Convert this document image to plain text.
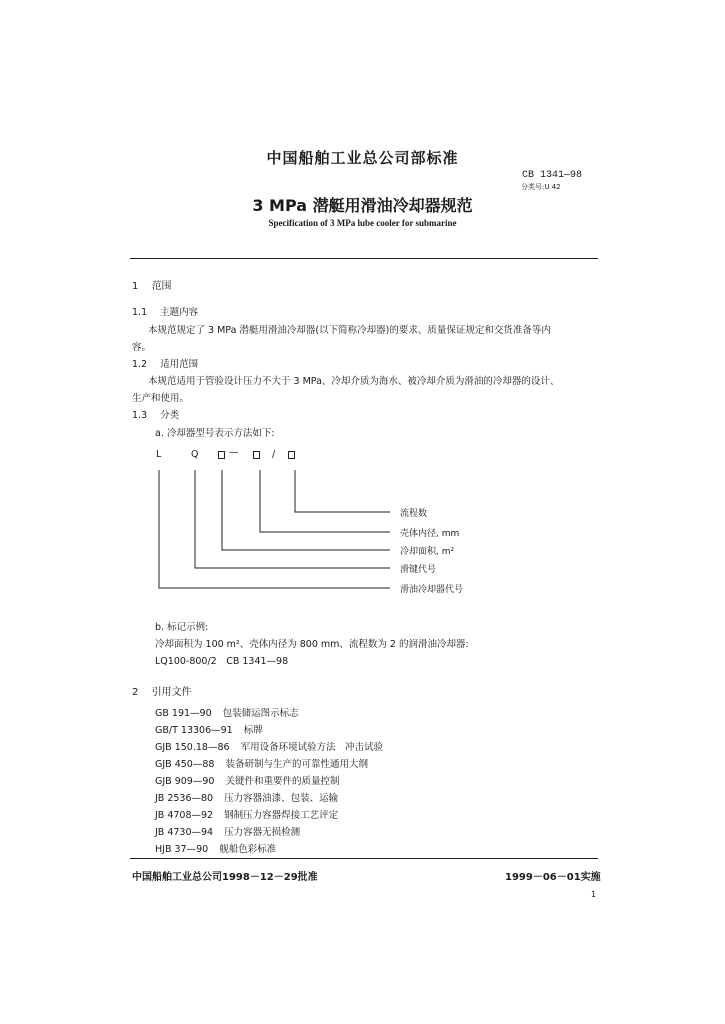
中国船舶工业总公司部标准
CB 1341—98
分类号:U 42
3 MPa 潜艇用滑油冷却器规范
Specification of 3 MPa lube cooler for submarine
1 范围
1.1 主题内容
本规范规定了 3 MPa 潜艇用滑油冷却器(以下简称冷却器)的要求、质量保证规定和交货准备等内
容。
1.2 适用范围
本规范适用于管验设计压力不大于 3 MPa、冷却介质为海水、被冷却介质为滑油的冷却器的设计、
生产和使用。
1.3 分类
a. 冷却器型号表示方法如下:
L	Q	—	/
流程数
壳体内径, mm
冷却面积, m²
滑键代号
滑油冷却器代号
b. 标记示例:
冷却面积为 100 m²、壳体内径为 800 mm、流程数为 2 的润滑油冷却器:
LQ100-800/2　CB 1341—98
2 引用文件
GB 191—90 包装储运图示标志
GB/T 13306—91 标牌
GJB 150.18—86 军用设备环境试验方法　冲击试验
GJB 450—88 装备研制与生产的可靠性通用大纲
GJB 909—90 关键件和重要件的质量控制
JB 2536—80 压力容器油漆、包装、运输
JB 4708—92 钢制压力容器焊接工艺评定
JB 4730—94 压力容器无损检测
HJB 37—90 舰船色彩标准
中国船舶工业总公司1998－12－29批准	1999－06－01实施
1
